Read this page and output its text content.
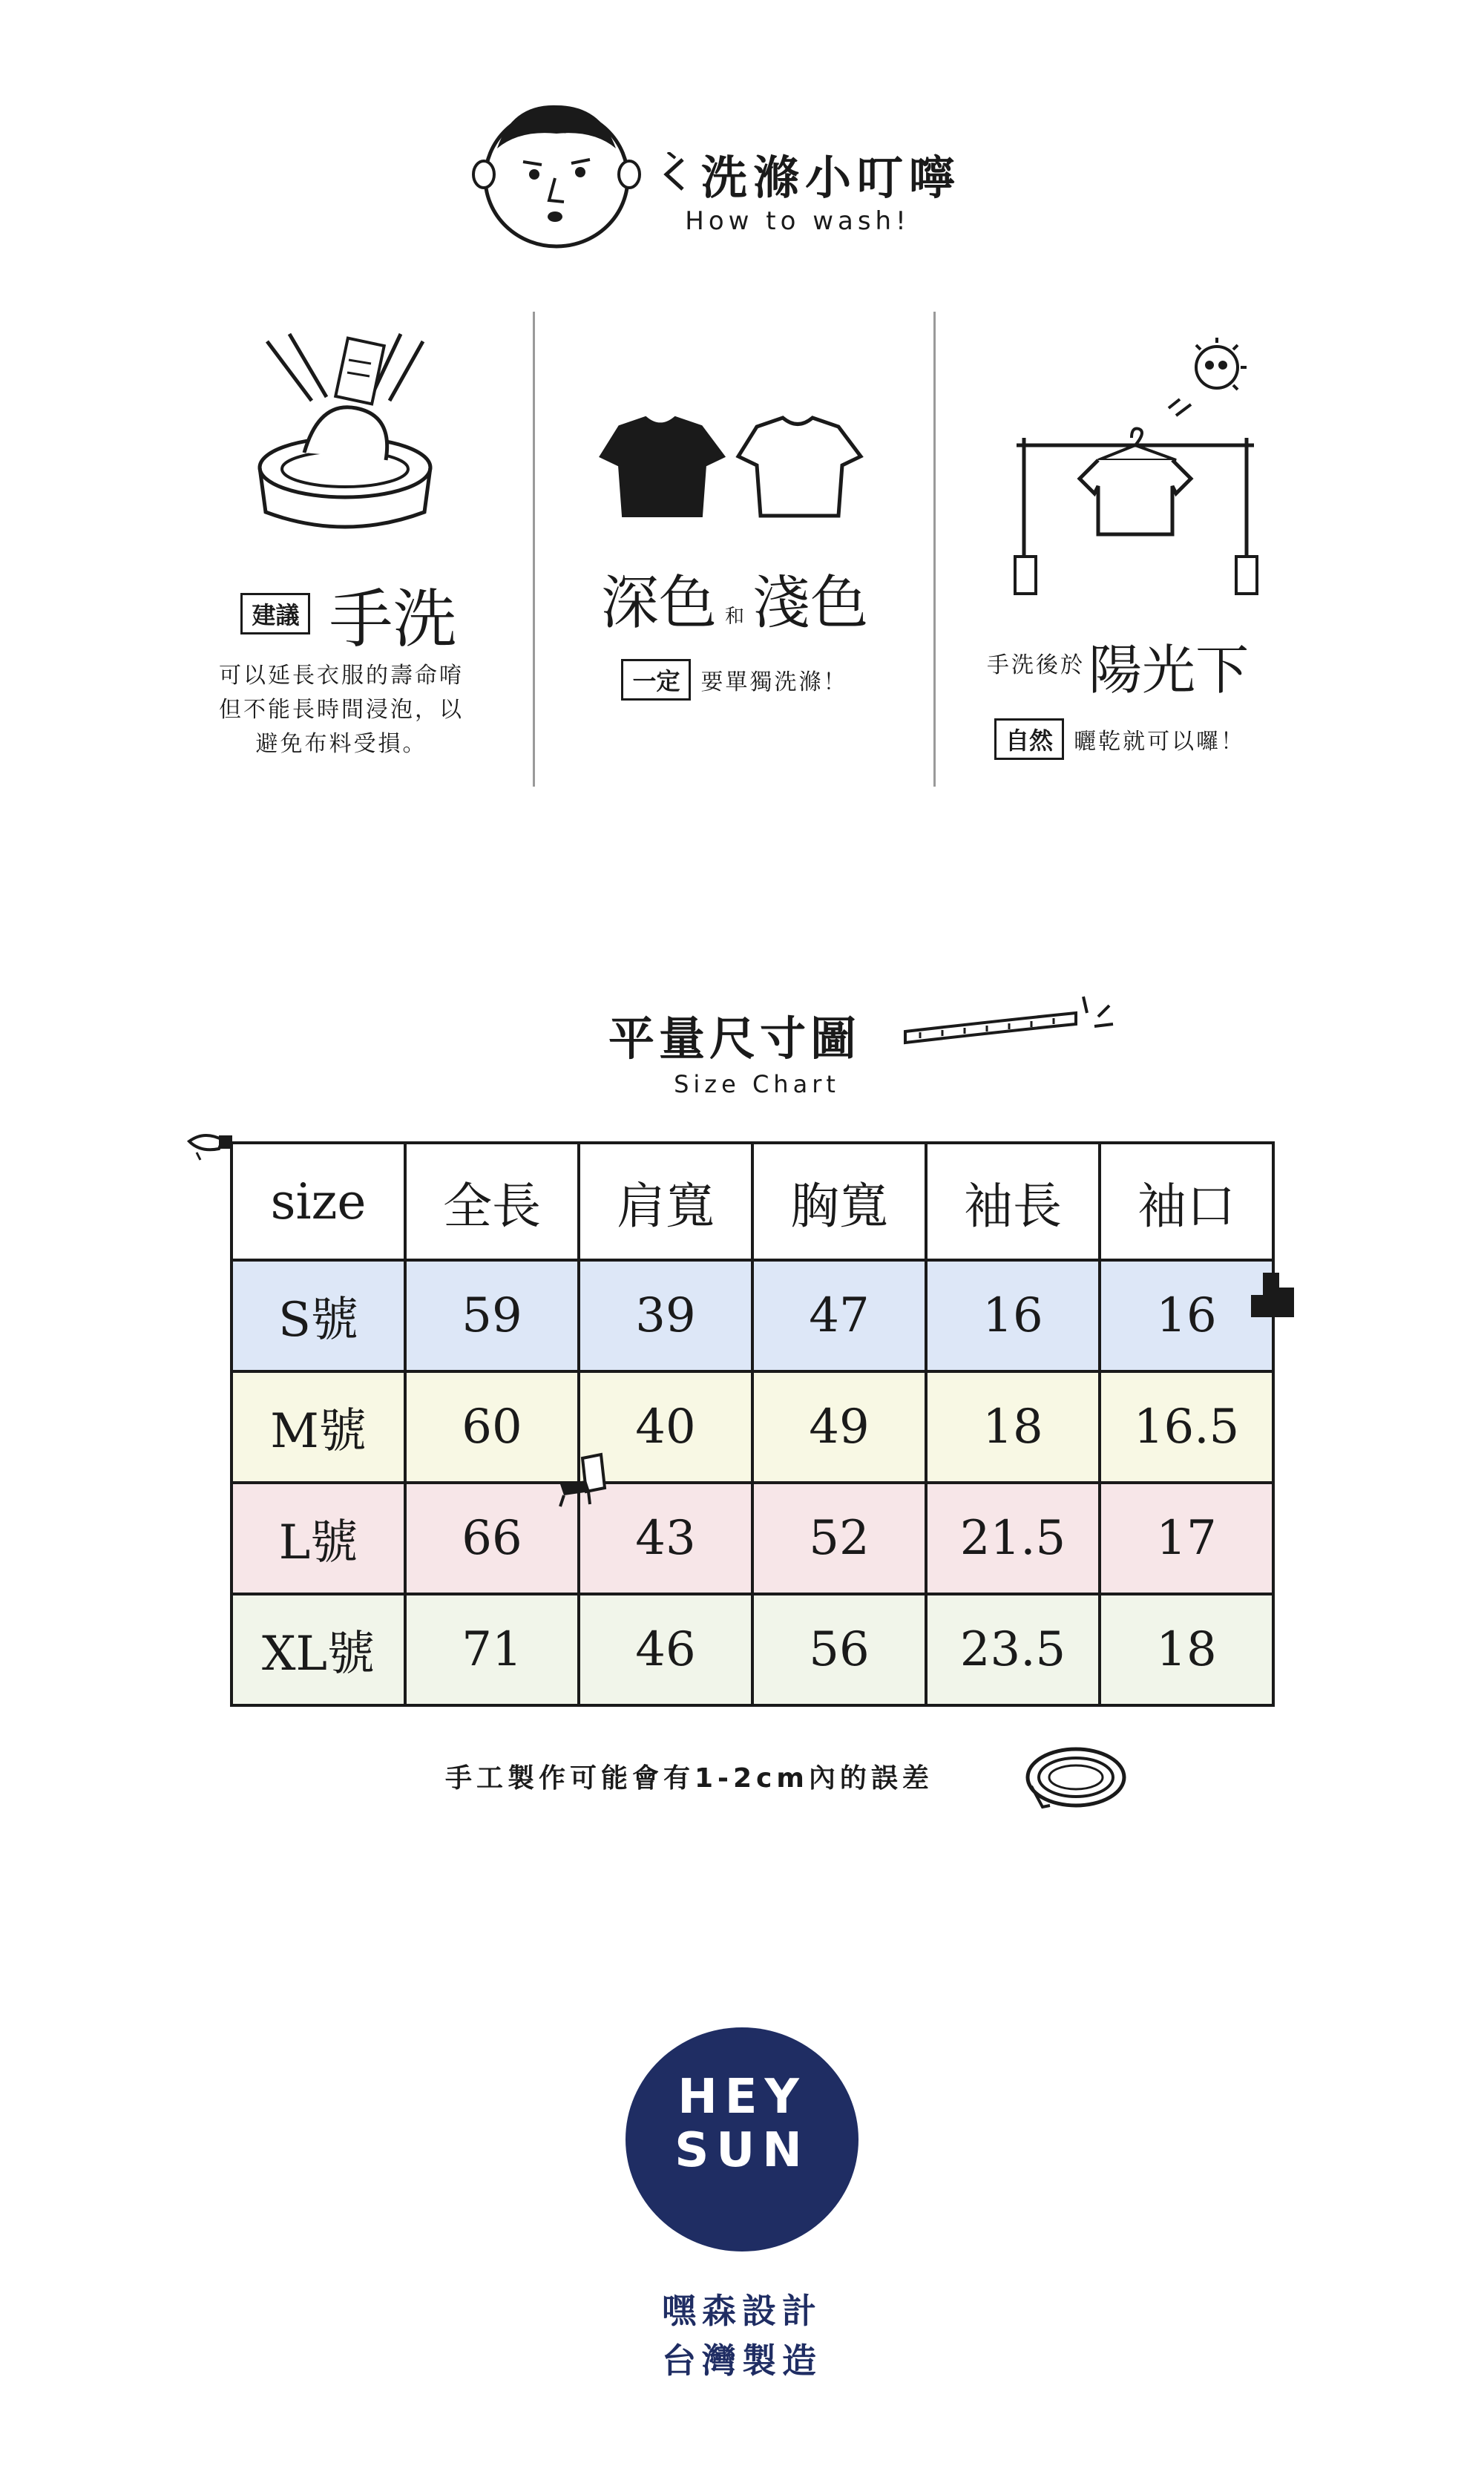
洗滌小叮嚀
How to wash!
建議 手洗
可以延長衣服的壽命唷
但不能長時間浸泡，以
避免布料受損。
深色 和 淺色
一定 要單獨洗滌！
手洗後於 陽光下
自然 曬乾就可以囉！
平量尺寸圖
Size Chart
size	全長	肩寬	胸寬	袖長	袖口
S號	59	39	47	16	16
M號	60	40	49	18	16.5
L號	66	43	52	21.5	17
XL號	71	46	56	23.5	18
手工製作可能會有1-2cm內的誤差
HEY
SUN
嘿森設計
台灣製造
